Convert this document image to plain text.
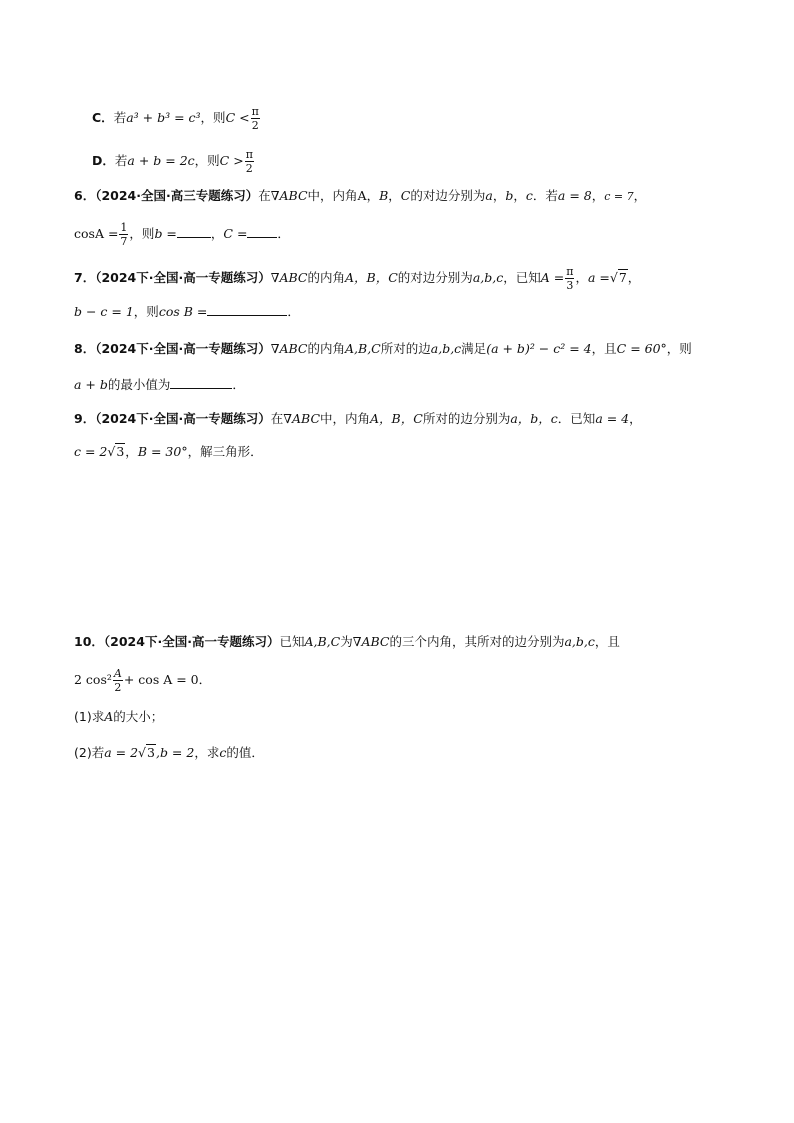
C．若a³ + b³ = c³，则$C < \frac{\pi}{2}$
D．若a + b = 2c，则$C > \frac{\pi}{2}$
6．（2024·全国·高三专题练习）在∇ABC中，内角A，B，C的对边分别为a，b，c．若a = 8，c = 7，
$\cos A = \frac{1}{7}$ ，则b =	，C = ．
7．（2024下·全国·高一专题练习）∇ABC的内角A，B，C的对边分别为a,b,c，已知$A = \frac{\pi}{3}$ ，a =√7，
b − c = 1，则cos B =	．
8．（2024下·全国·高一专题练习）∇ABC的内角A,B,C所对的边a,b,c满足(a + b)² − c² = 4，且C = 60°，则
a + b的最小值为	．
9．（2024下·全国·高一专题练习）在∇ABC中，内角A，B，C所对的边分别为a，b，c．已知a = 4，
c = 2√3，B = 30°，解三角形．
10．（2024下·全国·高一专题练习）已知A,B,C为∇ABC的三个内角，其所对的边分别为a,b,c，且
2 $\cos^2 \frac{A}{2} + \cos A = 0$．
(1)求A的大小；
(2)若a = 2√3,b = 2，求c的值．
